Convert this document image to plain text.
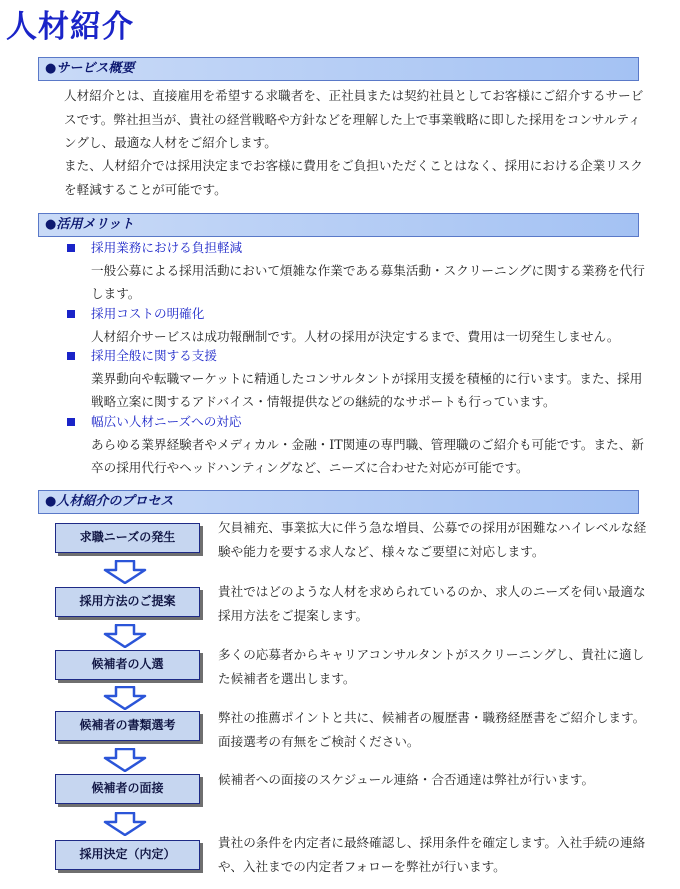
人材紹介
●サービス概要

人材紹介とは、直接雇用を希望する求職者を、正社員または契約社員としてお客様にご紹介するサービスです。弊社担当が、貴社の経営戦略や方針などを理解した上で事業戦略に即した採用をコンサルティングし、最適な人材をご紹介します。

また、人材紹介では採用決定までお客様に費用をご負担いただくことはなく、採用における企業リスクを軽減することが可能です。

●活用メリット
採用業務における負担軽減

一般公募による採用活動において煩雑な作業である募集活動・スクリーニングに関する業務を代行します。

採用コストの明確化

人材紹介サービスは成功報酬制です。人材の採用が決定するまで、費用は一切発生しません。

採用全般に関する支援

業界動向や転職マーケットに精通したコンサルタントが採用支援を積極的に行います。また、採用戦略立案に関するアドバイス・情報提供などの継続的なサポートも行っています。

幅広い人材ニーズへの対応

あらゆる業界経験者やメディカル・金融・IT関連の専門職、管理職のご紹介も可能です。また、新卒の採用代行やヘッドハンティングなど、ニーズに合わせた対応が可能です。

●人材紹介のプロセス
求職ニーズの発生

欠員補充、事業拡大に伴う急な増員、公募での採用が困難なハイレベルな経験や能力を要する求人など、様々なご要望に対応します。

採用方法のご提案

貴社ではどのような人材を求められているのか、求人のニーズを伺い最適な採用方法をご提案します。

候補者の人選

多くの応募者からキャリアコンサルタントがスクリーニングし、貴社に適した候補者を選出します。

候補者の書類選考	弊社の推薦ポイントと共に、候補者の履歴書・職務経歴書をご紹介します。面接選考の有無をご検討ください。

候補者の面接

候補者への面接のスケジュール連絡・合否通達は弊社が行います。

採用決定（内定）

貴社の条件を内定者に最終確認し、採用条件を確定します。入社手続の連絡や、入社までの内定者フォローを弊社が行います。
